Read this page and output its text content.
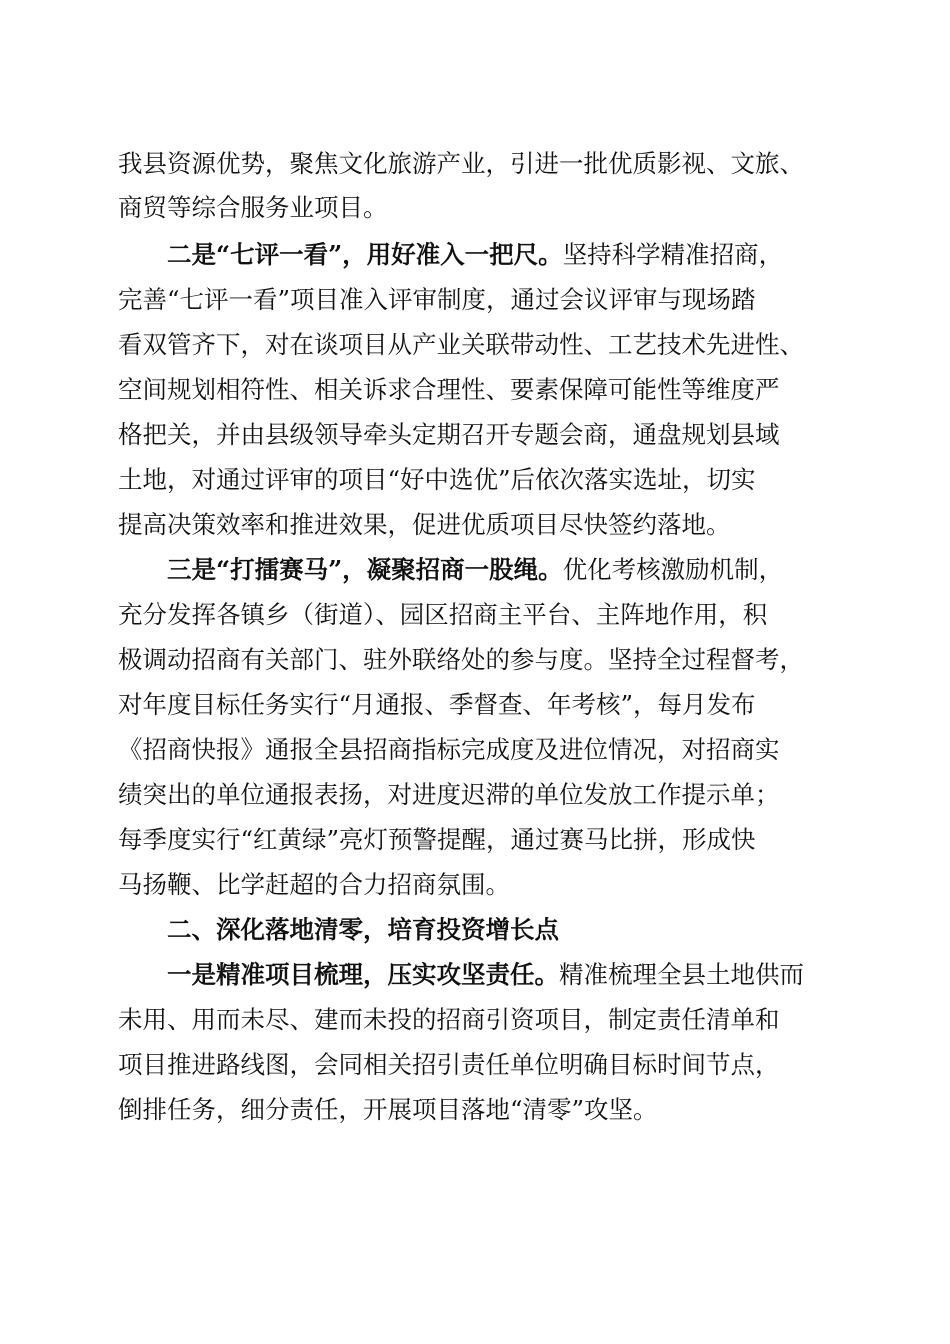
我县资源优势，聚焦文化旅游产业，引进一批优质影视、文旅、
商贸等综合服务业项目。
　　二是“七评一看”，用好准入一把尺。坚持科学精准招商，
完善“七评一看”项目准入评审制度，通过会议评审与现场踏
看双管齐下，对在谈项目从产业关联带动性、工艺技术先进性、
空间规划相符性、相关诉求合理性、要素保障可能性等维度严
格把关，并由县级领导牵头定期召开专题会商，通盘规划县域
土地，对通过评审的项目“好中选优”后依次落实选址，切实
提高决策效率和推进效果，促进优质项目尽快签约落地。
　　三是“打擂赛马”，凝聚招商一股绳。优化考核激励机制，
充分发挥各镇乡（街道）、园区招商主平台、主阵地作用，积
极调动招商有关部门、驻外联络处的参与度。坚持全过程督考，
对年度目标任务实行“月通报、季督查、年考核”，每月发布
《招商快报》通报全县招商指标完成度及进位情况，对招商实
绩突出的单位通报表扬，对进度迟滞的单位发放工作提示单；
每季度实行“红黄绿”亮灯预警提醒，通过赛马比拼，形成快
马扬鞭、比学赶超的合力招商氛围。
　　二、深化落地清零，培育投资增长点
　　一是精准项目梳理，压实攻坚责任。精准梳理全县土地供而
未用、用而未尽、建而未投的招商引资项目，制定责任清单和
项目推进路线图，会同相关招引责任单位明确目标时间节点，
倒排任务，细分责任，开展项目落地“清零”攻坚。
